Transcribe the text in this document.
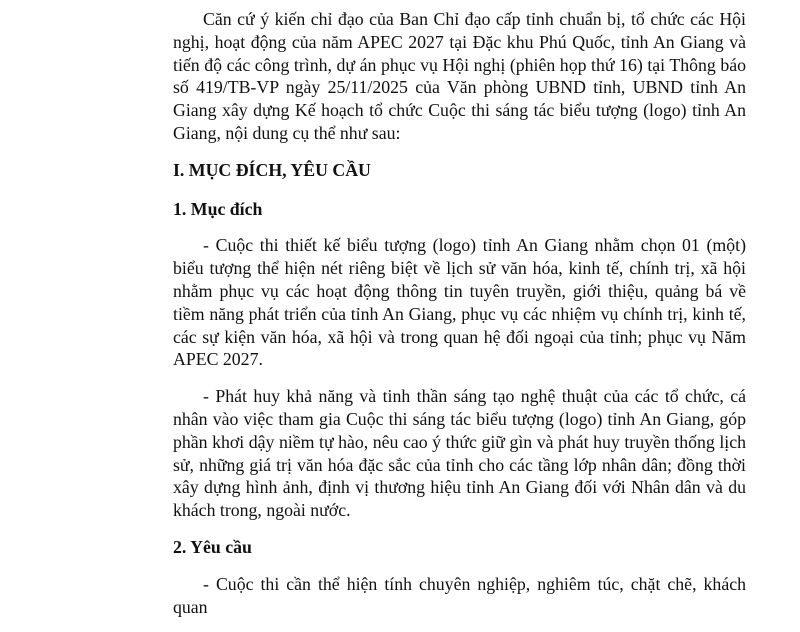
Căn cứ ý kiến chỉ đạo của Ban Chỉ đạo cấp tỉnh chuẩn bị, tổ chức các Hội nghị, hoạt động của năm APEC 2027 tại Đặc khu Phú Quốc, tỉnh An Giang và tiến độ các công trình, dự án phục vụ Hội nghị (phiên họp thứ 16) tại Thông báo số 419/TB-VP ngày 25/11/2025 của Văn phòng UBND tỉnh, UBND tỉnh An Giang xây dựng Kế hoạch tổ chức Cuộc thi sáng tác biểu tượng (logo) tỉnh An Giang, nội dung cụ thể như sau:

I. MỤC ĐÍCH, YÊU CẦU

1. Mục đích

- Cuộc thi thiết kế biểu tượng (logo) tỉnh An Giang nhằm chọn 01 (một) biểu tượng thể hiện nét riêng biệt về lịch sử văn hóa, kinh tế, chính trị, xã hội nhằm phục vụ các hoạt động thông tin tuyên truyền, giới thiệu, quảng bá về tiềm năng phát triển của tỉnh An Giang, phục vụ các nhiệm vụ chính trị, kinh tế, các sự kiện văn hóa, xã hội và trong quan hệ đối ngoại của tỉnh; phục vụ Năm APEC 2027.

- Phát huy khả năng và tinh thần sáng tạo nghệ thuật của các tổ chức, cá nhân vào việc tham gia Cuộc thi sáng tác biểu tượng (logo) tỉnh An Giang, góp phần khơi dậy niềm tự hào, nêu cao ý thức giữ gìn và phát huy truyền thống lịch sử, những giá trị văn hóa đặc sắc của tỉnh cho các tầng lớp nhân dân; đồng thời xây dựng hình ảnh, định vị thương hiệu tỉnh An Giang đối với Nhân dân và du khách trong, ngoài nước.

2. Yêu cầu

- Cuộc thi cần thể hiện tính chuyên nghiệp, nghiêm túc, chặt chẽ, khách quan
